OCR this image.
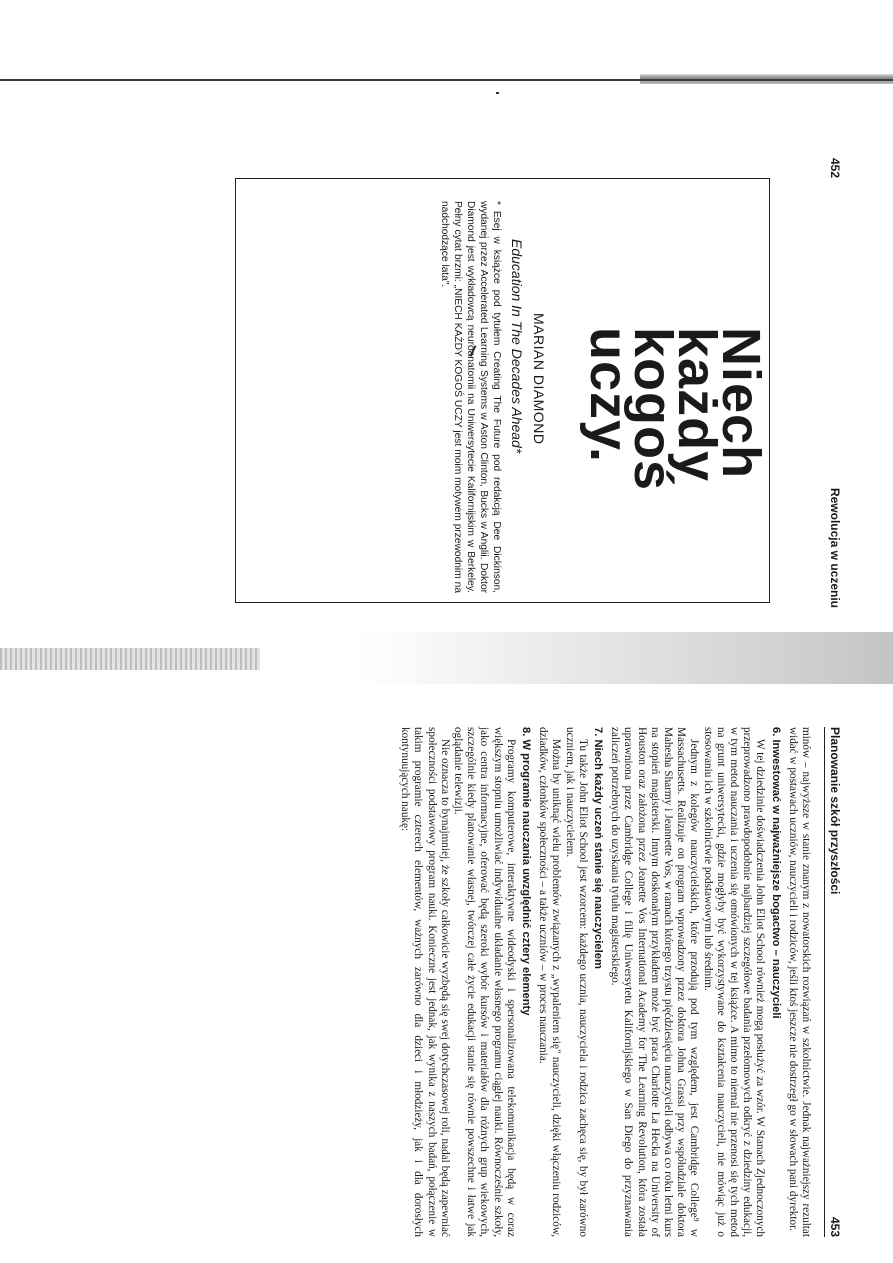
452
Rewolucja w uczeniu
Niech
każdy
kogoś
uczy.
MARIAN DIAMOND
Education In The Decades Ahead*
* Esej w książce pod tytułem Creating The Future pod redakcją Dee Dickinson, wydanej przez Accelerated Learning Systems w Aston Clinton, Bucks w Anglii. Doktor Diamond jest wykładowcą neuroanatomii na Uniwersytecie Kalifornijskim w Berkeley. Pełny cytat brzmi: „NIECH KAŻDY KOGOŚ UCZY jest moim motywem przewodnim na nadchodzące lata".
Planowanie szkół przyszłości
453

minów – najwyższe w stanie znanym z nowatorskich rozwiązań w szkolnictwie. Jednak najważniejszy rezultat widać w postawach uczniów, nauczycieli i rodziców, jeśli ktoś jeszcze nie dostrzegł go w słowach pani dyrektor.

6. Inwestować w najważniejsze bogactwo – nauczycieli

W tej dziedzinie doświadczenia John Eliot School również mogą posłużyć za wzór. W Stanach Zjednoczonych przeprowadzono prawdopodobnie najbardziej szczegółowe badania przełomowych odkryć z dziedziny edukacji, w tym metod nauczania i uczenia się omówionych w tej książce. A mimo to niemal nie przenosi się tych metod na grunt uniwersytecki, gdzie mogłyby być wykorzystywane do kształcenia nauczycieli, nie mówiąc już o stosowaniu ich w szkolnictwie podstawowym lub średnim.

Jednym z kolegów nauczycielskich, które przodują pod tym względem, jest Cambridge College⁹ w Massachusetts. Realizuje on program wprowadzony przez doktora Johna Grassi przy współudziale doktora Mahesha Sharmy i Jeannette Vos, w ramach którego trzystu pięćdziesięciu nauczycieli odbywa co roku letni kurs na stopień magisterski. Innym doskonałym przykładem może być praca Charlotte La Hecka na University of Houston oraz założona przez Jeanette Vos International Academy for The Learning Revolution, która została uprawniona przez Cambridge College i filię Uniwersytetu Kalifornijskiego w San Diego do przyznawania zaliczeń potrzebnych do uzyskania tytułu magisterskiego.

7. Niech każdy uczeń stanie się nauczycielem

Tu także John Eliot School jest wzorcem: każdego ucznia, nauczyciela i rodzica zachęca się, by był zarówno uczniem, jak i nauczycielem.

Można by uniknąć wielu problemów związanych z „wypaleniem się" nauczycieli, dzięki włączeniu rodziców, dziadków, członków społeczności – a także uczniów – w proces nauczania.

8. W programie nauczania uwzględnić cztery elementy

Programy komputerowe, interaktywne wideodyski i spersonalizowana telekomunikacja będą w coraz większym stopniu umożliwiać indywidualne układanie własnego programu ciągłej nauki. Równocześnie szkoły, jako centra informacyjne, oferować będą szeroki wybór kursów i materiałów dla różnych grup wiekowych, szczególnie kiedy planowanie własnej, twórczej całe życie edukacji stanie się równie powszechne i łatwe jak oglądanie telewizji.

Nie oznacza to bynajmniej, że szkoły całkowicie wyzbędą się swej dotychczasowej roli, nadal będą zapewniać społeczności podstawowy program nauki. Konieczne jest jednak, jak wynika z naszych badań, połączenie w takim programie czterech elementów, ważnych zarówno dla dzieci i młodzieży, jak i dla dorosłych kontynuujących naukę:
